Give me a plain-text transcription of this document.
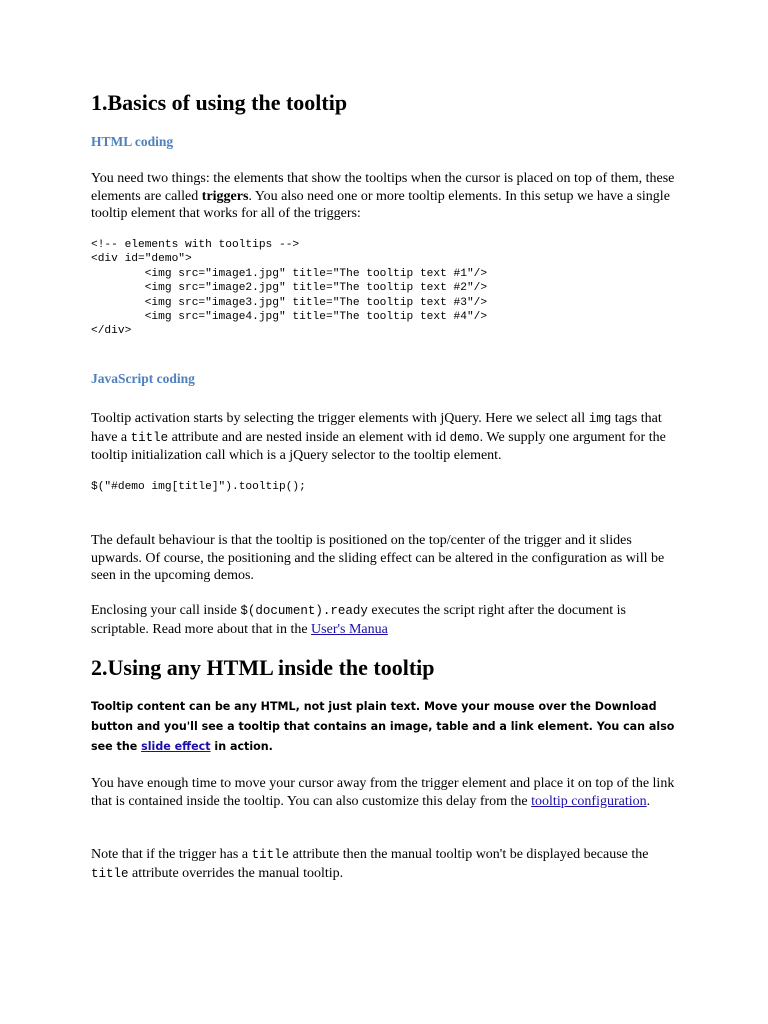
1.Basics of using the tooltip
HTML coding

You need two things: the elements that show the tooltips when the cursor is placed on top of them, these elements are called triggers. You also need one or more tooltip elements. In this setup we have a single tooltip element that works for all of the triggers:

<!-- elements with tooltips -->
<div id="demo">
<img src="image1.jpg" title="The tooltip text #1"/>
<img src="image2.jpg" title="The tooltip text #2"/>
<img src="image3.jpg" title="The tooltip text #3"/>
<img src="image4.jpg" title="The tooltip text #4"/>
</div>
JavaScript coding

Tooltip activation starts by selecting the trigger elements with jQuery. Here we select all img tags that have a title attribute and are nested inside an element with id demo. We supply one argument for the tooltip initialization call which is a jQuery selector to the tooltip element.

$("#demo img[title]").tooltip();

The default behaviour is that the tooltip is positioned on the top/center of the trigger and it slides upwards. Of course, the positioning and the sliding effect can be altered in the configuration as will be seen in the upcoming demos.

Enclosing your call inside $(document).ready executes the script right after the document is scriptable. Read more about that in the User's Manua

2.Using any HTML inside the tooltip

Tooltip content can be any HTML, not just plain text. Move your mouse over the Download button and you'll see a tooltip that contains an image, table and a link element. You can also see the slide effect in action.

You have enough time to move your cursor away from the trigger element and place it on top of the link that is contained inside the tooltip. You can also customize this delay from the tooltip configuration.

Note that if the trigger has a title attribute then the manual tooltip won't be displayed because the title attribute overrides the manual tooltip.
